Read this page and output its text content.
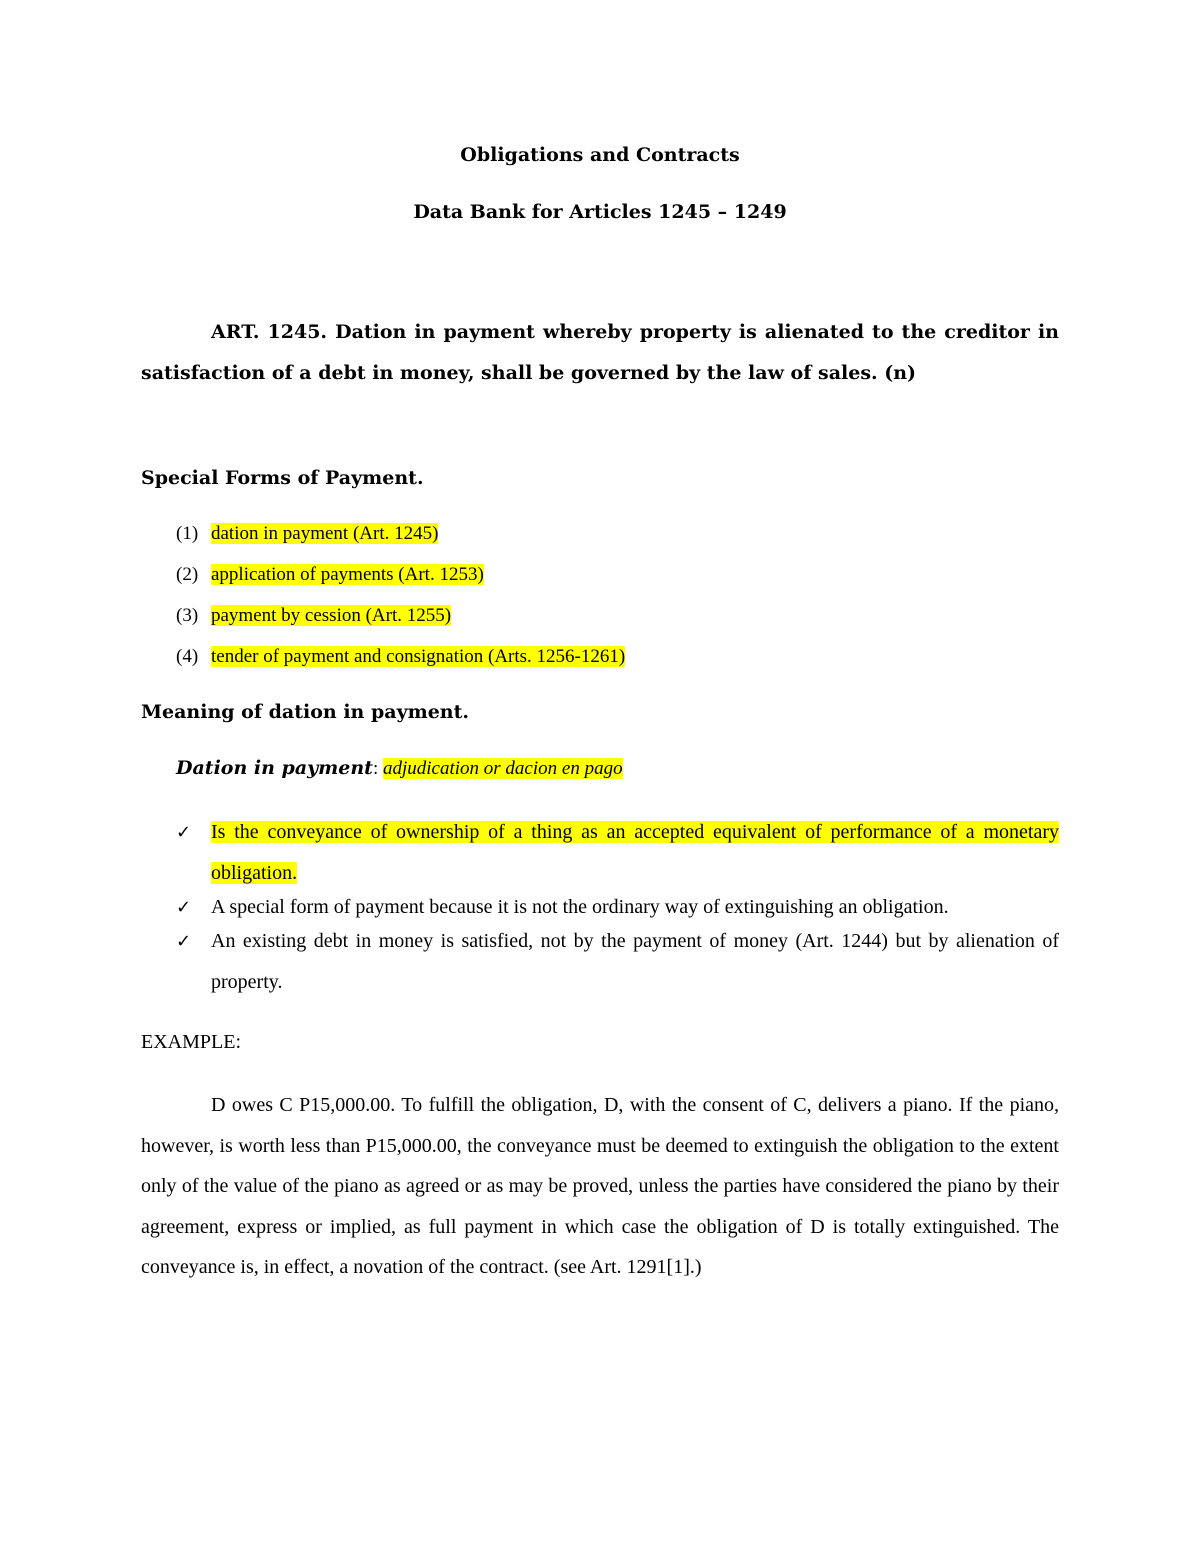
Obligations and Contracts
Data Bank for Articles 1245 – 1249

ART. 1245. Dation in payment whereby property is alienated to the creditor in satisfaction of a debt in money, shall be governed by the law of sales. (n)

Special Forms of Payment.

(1) dation in payment (Art. 1245)
(2) application of payments (Art. 1253)
(3) payment by cession (Art. 1255)
(4) tender of payment and consignation (Arts. 1256-1261)

Meaning of dation in payment.

Dation in payment: adjudication or dacion en pago

✓ Is the conveyance of ownership of a thing as an accepted equivalent of performance of a monetary obligation.
✓ A special form of payment because it is not the ordinary way of extinguishing an obligation.
✓ An existing debt in money is satisfied, not by the payment of money (Art. 1244) but by alienation of property.

EXAMPLE:

D owes C P15,000.00. To fulfill the obligation, D, with the consent of C, delivers a piano. If the piano, however, is worth less than P15,000.00, the conveyance must be deemed to extinguish the obligation to the extent only of the value of the piano as agreed or as may be proved, unless the parties have considered the piano by their agreement, express or implied, as full payment in which case the obligation of D is totally extinguished. The conveyance is, in effect, a novation of the contract. (see Art. 1291[1].)
